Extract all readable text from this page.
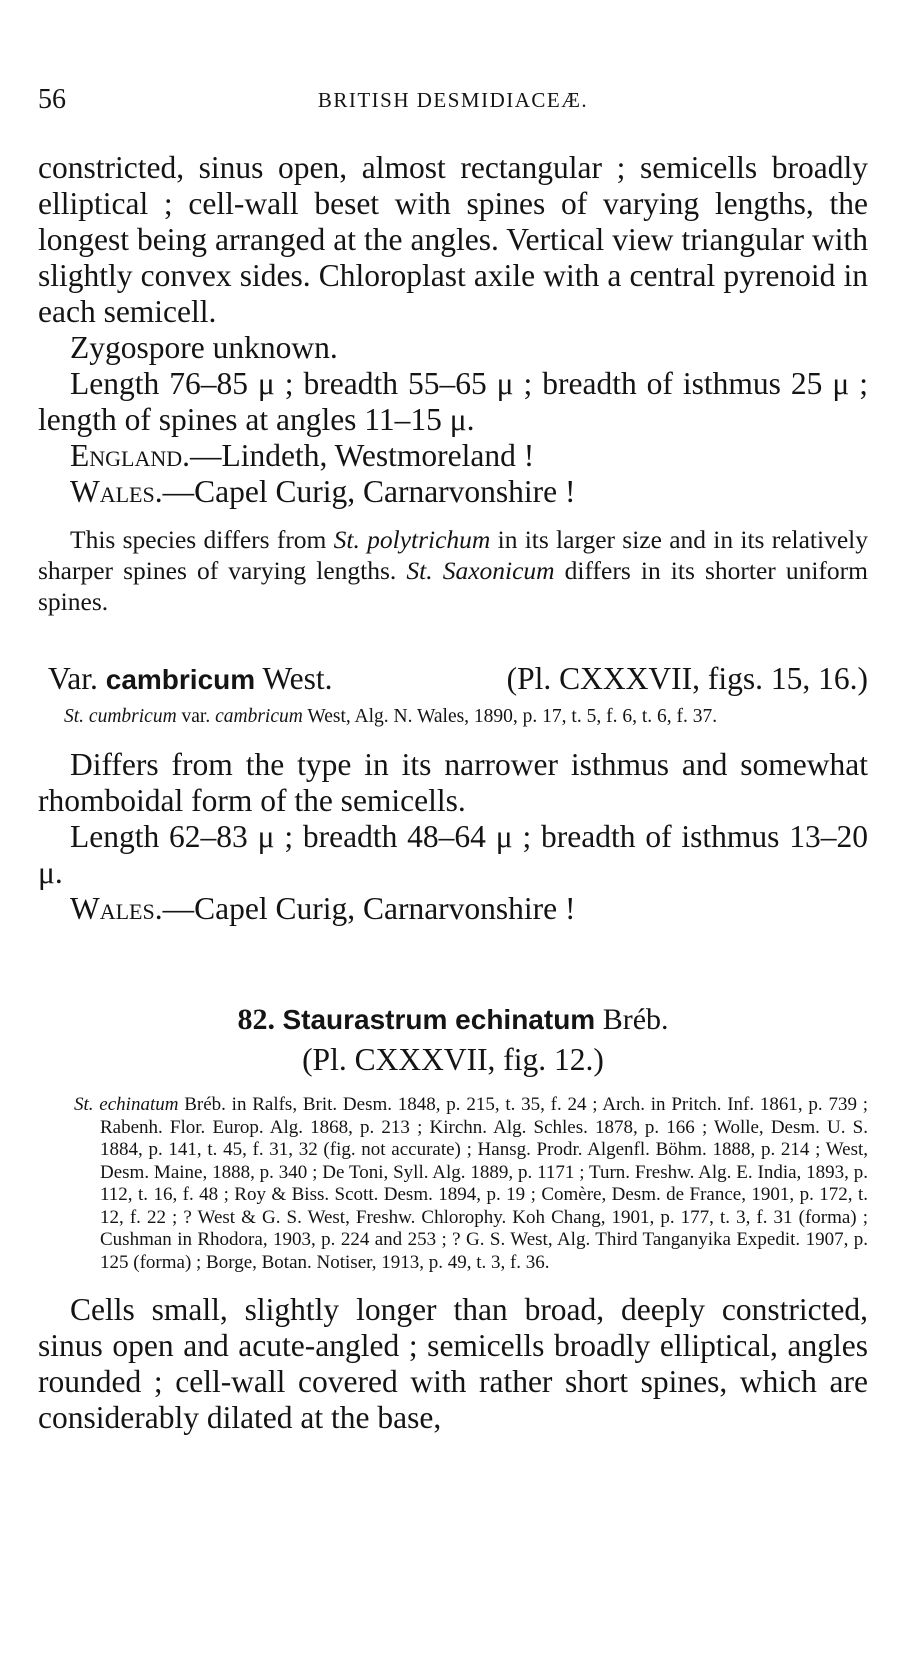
56	BRITISH DESMIDIACEÆ.

constricted, sinus open, almost rectangular ; semicells broadly elliptical ; cell-wall beset with spines of varying lengths, the longest being arranged at the angles. Vertical view triangular with slightly convex sides. Chloroplast axile with a central pyrenoid in each semicell.

Zygospore unknown.

Length 76–85 μ ; breadth 55–65 μ ; breadth of isthmus 25 μ ; length of spines at angles 11–15 μ.

England.—Lindeth, Westmoreland !

Wales.—Capel Curig, Carnarvonshire !

This species differs from St. polytrichum in its larger size and in its relatively sharper spines of varying lengths. St. Saxonicum differs in its shorter uniform spines.

Var. cambricum West.	(Pl. CXXXVII, figs. 15, 16.)

St. cumbricum var. cambricum West, Alg. N. Wales, 1890, p. 17, t. 5, f. 6, t. 6, f. 37.

Differs from the type in its narrower isthmus and somewhat rhomboidal form of the semicells.

Length 62–83 μ ; breadth 48–64 μ ; breadth of isthmus 13–20 μ.

Wales.—Capel Curig, Carnarvonshire !

82. Staurastrum echinatum Bréb.
(Pl. CXXXVII, fig. 12.)

St. echinatum Bréb. in Ralfs, Brit. Desm. 1848, p. 215, t. 35, f. 24 ; Arch. in Pritch. Inf. 1861, p. 739 ; Rabenh. Flor. Europ. Alg. 1868, p. 213 ; Kirchn. Alg. Schles. 1878, p. 166 ; Wolle, Desm. U. S. 1884, p. 141, t. 45, f. 31, 32 (fig. not accurate) ; Hansg. Prodr. Algenfl. Böhm. 1888, p. 214 ; West, Desm. Maine, 1888, p. 340 ; De Toni, Syll. Alg. 1889, p. 1171 ; Turn. Freshw. Alg. E. India, 1893, p. 112, t. 16, f. 48 ; Roy & Biss. Scott. Desm. 1894, p. 19 ; Comère, Desm. de France, 1901, p. 172, t. 12, f. 22 ; ? West & G. S. West, Freshw. Chlorophy. Koh Chang, 1901, p. 177, t. 3, f. 31 (forma) ; Cushman in Rhodora, 1903, p. 224 and 253 ; ? G. S. West, Alg. Third Tanganyika Expedit. 1907, p. 125 (forma) ; Borge, Botan. Notiser, 1913, p. 49, t. 3, f. 36.

Cells small, slightly longer than broad, deeply constricted, sinus open and acute-angled ; semicells broadly elliptical, angles rounded ; cell-wall covered with rather short spines, which are considerably dilated at the base,
